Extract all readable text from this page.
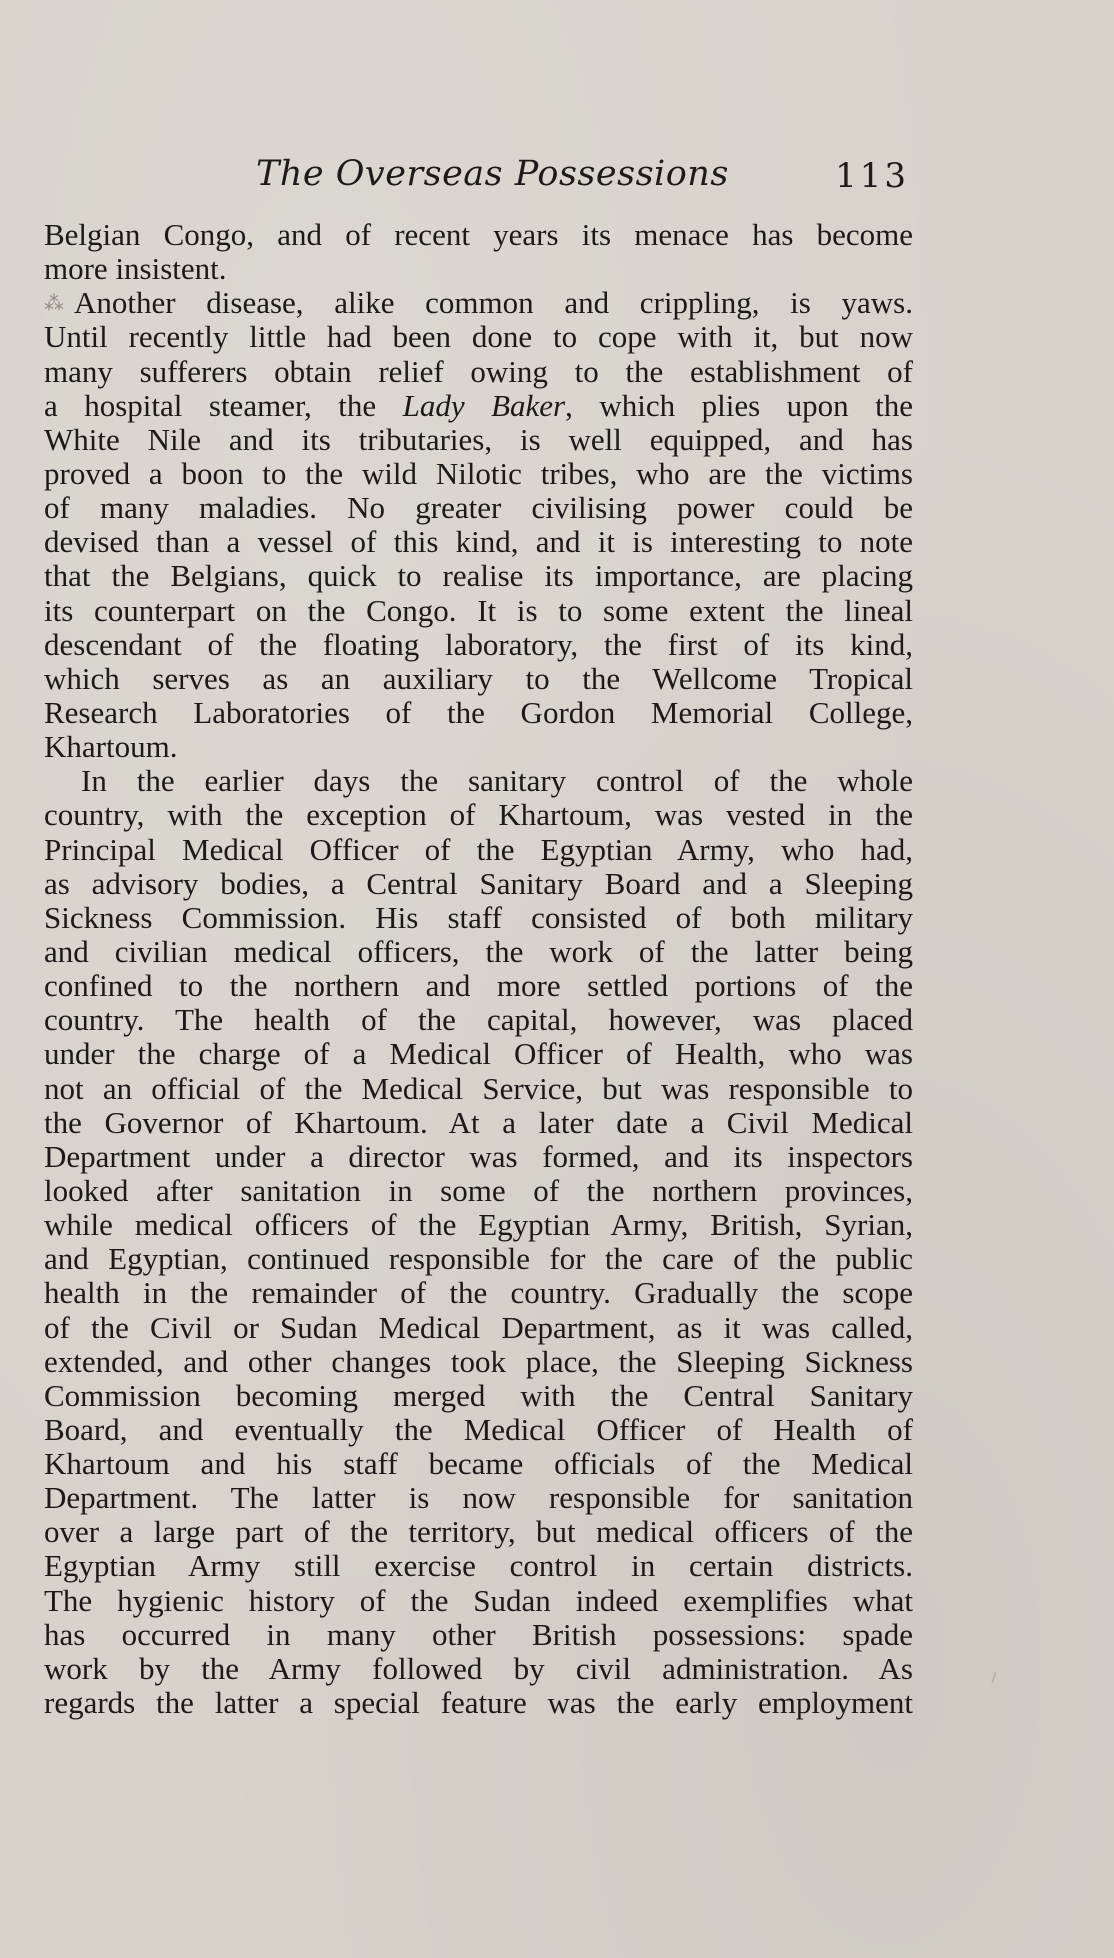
The Overseas Possessions	113
Belgian Congo, and of recent years its menace has become
more insistent.
⁂ Another disease, alike common and crippling, is yaws.
Until recently little had been done to cope with it, but now
many sufferers obtain relief owing to the establishment of
a hospital steamer, the Lady Baker, which plies upon the
White Nile and its tributaries, is well equipped, and has
proved a boon to the wild Nilotic tribes, who are the victims
of many maladies. No greater civilising power could be
devised than a vessel of this kind, and it is interesting to note
that the Belgians, quick to realise its importance, are placing
its counterpart on the Congo. It is to some extent the lineal
descendant of the floating laboratory, the first of its kind,
which serves as an auxiliary to the Wellcome Tropical
Research Laboratories of the Gordon Memorial College,
Khartoum.
In the earlier days the sanitary control of the whole
country, with the exception of Khartoum, was vested in the
Principal Medical Officer of the Egyptian Army, who had,
as advisory bodies, a Central Sanitary Board and a Sleeping
Sickness Commission. His staff consisted of both military
and civilian medical officers, the work of the latter being
confined to the northern and more settled portions of the
country. The health of the capital, however, was placed
under the charge of a Medical Officer of Health, who was
not an official of the Medical Service, but was responsible to
the Governor of Khartoum. At a later date a Civil Medical
Department under a director was formed, and its inspectors
looked after sanitation in some of the northern provinces,
while medical officers of the Egyptian Army, British, Syrian,
and Egyptian, continued responsible for the care of the public
health in the remainder of the country. Gradually the scope
of the Civil or Sudan Medical Department, as it was called,
extended, and other changes took place, the Sleeping Sickness
Commission becoming merged with the Central Sanitary
Board, and eventually the Medical Officer of Health of
Khartoum and his staff became officials of the Medical
Department. The latter is now responsible for sanitation
over a large part of the territory, but medical officers of the
Egyptian Army still exercise control in certain districts.
The hygienic history of the Sudan indeed exemplifies what
has occurred in many other British possessions: spade
work by the Army followed by civil administration. As
regards the latter a special feature was the early employment
